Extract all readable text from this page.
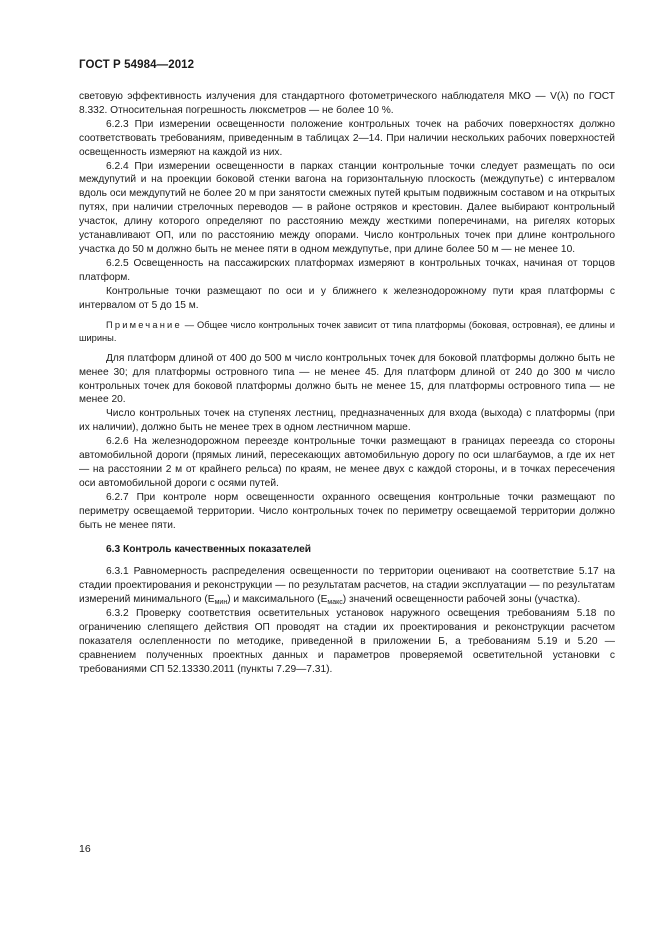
ГОСТ Р 54984—2012

световую эффективность излучения для стандартного фотометрического наблюдателя МКО — V(λ) по ГОСТ 8.332. Относительная погрешность люксметров — не более 10 %.

6.2.3 При измерении освещенности положение контрольных точек на рабочих поверхностях должно соответствовать требованиям, приведенным в таблицах 2—14. При наличии нескольких рабочих поверхностей освещенность измеряют на каждой из них.

6.2.4 При измерении освещенности в парках станции контрольные точки следует размещать по оси междупутий и на проекции боковой стенки вагона на горизонтальную плоскость (междупутье) с интервалом вдоль оси междупутий не более 20 м при занятости смежных путей крытым подвижным составом и на открытых путях, при наличии стрелочных переводов — в районе остряков и крестовин. Далее выбирают контрольный участок, длину которого определяют по расстоянию между жесткими поперечинами, на ригелях которых устанавливают ОП, или по расстоянию между опорами. Число контрольных точек при длине контрольного участка до 50 м должно быть не менее пяти в одном междупутье, при длине более 50 м — не менее 10.

6.2.5 Освещенность на пассажирских платформах измеряют в контрольных точках, начиная от торцов платформ.

Контрольные точки размещают по оси и у ближнего к железнодорожному пути края платформы с интервалом от 5 до 15 м.

Примечание — Общее число контрольных точек зависит от типа платформы (боковая, островная), ее длины и ширины.

Для платформ длиной от 400 до 500 м число контрольных точек для боковой платформы должно быть не менее 30; для платформы островного типа — не менее 45. Для платформ длиной от 240 до 300 м число контрольных точек для боковой платформы должно быть не менее 15, для платформы островного типа — не менее 20.

Число контрольных точек на ступенях лестниц, предназначенных для входа (выхода) с платформы (при их наличии), должно быть не менее трех в одном лестничном марше.

6.2.6 На железнодорожном переезде контрольные точки размещают в границах переезда со стороны автомобильной дороги (прямых линий, пересекающих автомобильную дорогу по оси шлагбаумов, а где их нет — на расстоянии 2 м от крайнего рельса) по краям, не менее двух с каждой стороны, и в точках пересечения оси автомобильной дороги с осями путей.

6.2.7 При контроле норм освещенности охранного освещения контрольные точки размещают по периметру освещаемой территории. Число контрольных точек по периметру освещаемой территории должно быть не менее пяти.

6.3 Контроль качественных показателей

6.3.1 Равномерность распределения освещенности по территории оценивают на соответствие 5.17 на стадии проектирования и реконструкции — по результатам расчетов, на стадии эксплуатации — по результатам измерений минимального $(E_{мин})$ и максимального $(E_{макс})$ значений освещенности рабочей зоны (участка).

6.3.2 Проверку соответствия осветительных установок наружного освещения требованиям 5.18 по ограничению слепящего действия ОП проводят на стадии их проектирования и реконструкции расчетом показателя ослепленности по методике, приведенной в приложении Б, а требованиям 5.19 и 5.20 — сравнением полученных проектных данных и параметров проверяемой осветительной установки с требованиями СП 52.13330.2011 (пункты 7.29—7.31).

16
